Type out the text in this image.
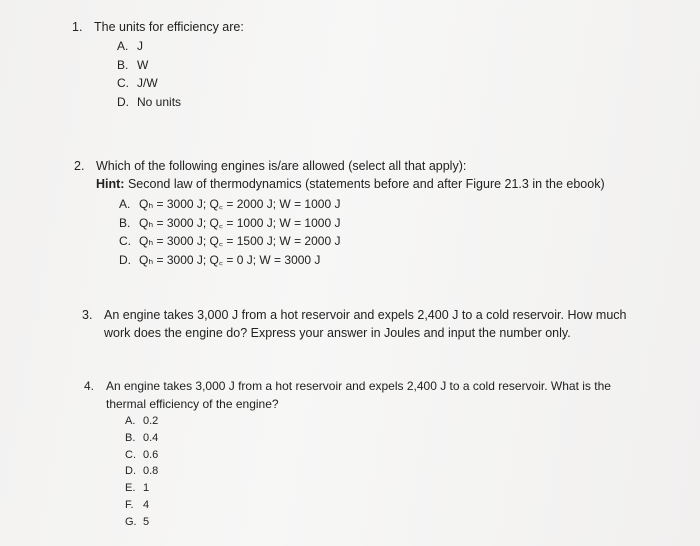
1. The units for efficiency are:
A. J
B. W
C. J/W
D. No units
2. Which of the following engines is/are allowed (select all that apply):
Hint: Second law of thermodynamics (statements before and after Figure 21.3 in the ebook)
A. Qₕ = 3000 J; Q꜀ = 2000 J; W = 1000 J
B. Qₕ = 3000 J; Q꜀ = 1000 J; W = 1000 J
C. Qₕ = 3000 J; Q꜀ = 1500 J; W = 2000 J
D. Qₕ = 3000 J; Q꜀ = 0 J; W = 3000 J
3. An engine takes 3,000 J from a hot reservoir and expels 2,400 J to a cold reservoir. How much
work does the engine do? Express your answer in Joules and input the number only.
4. An engine takes 3,000 J from a hot reservoir and expels 2,400 J to a cold reservoir. What is the
thermal efficiency of the engine?
A. 0.2
B. 0.4
C. 0.6
D. 0.8
E. 1
F. 4
G. 5
